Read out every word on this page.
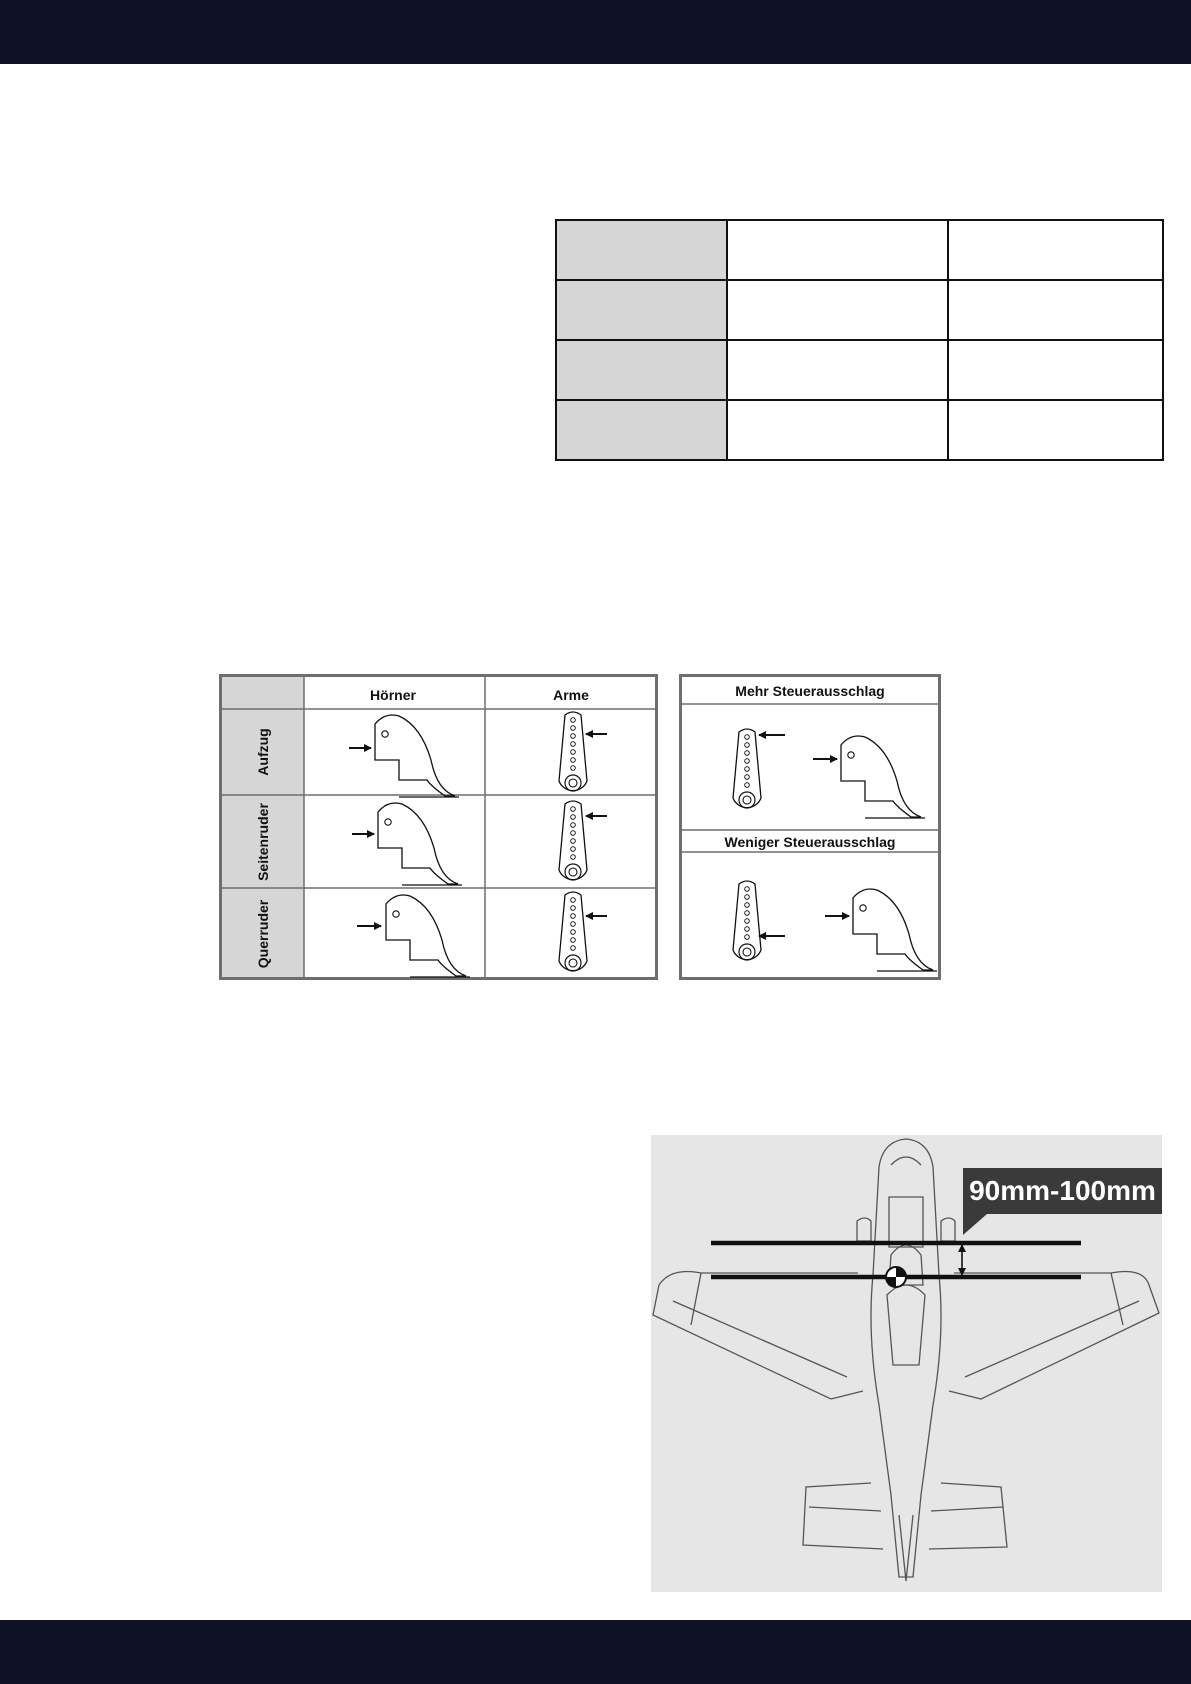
Hörner	Arme
Aufzug
Seitenruder
Querruder
Mehr Steuerausschlag
Weniger Steuerausschlag
90mm-100mm
